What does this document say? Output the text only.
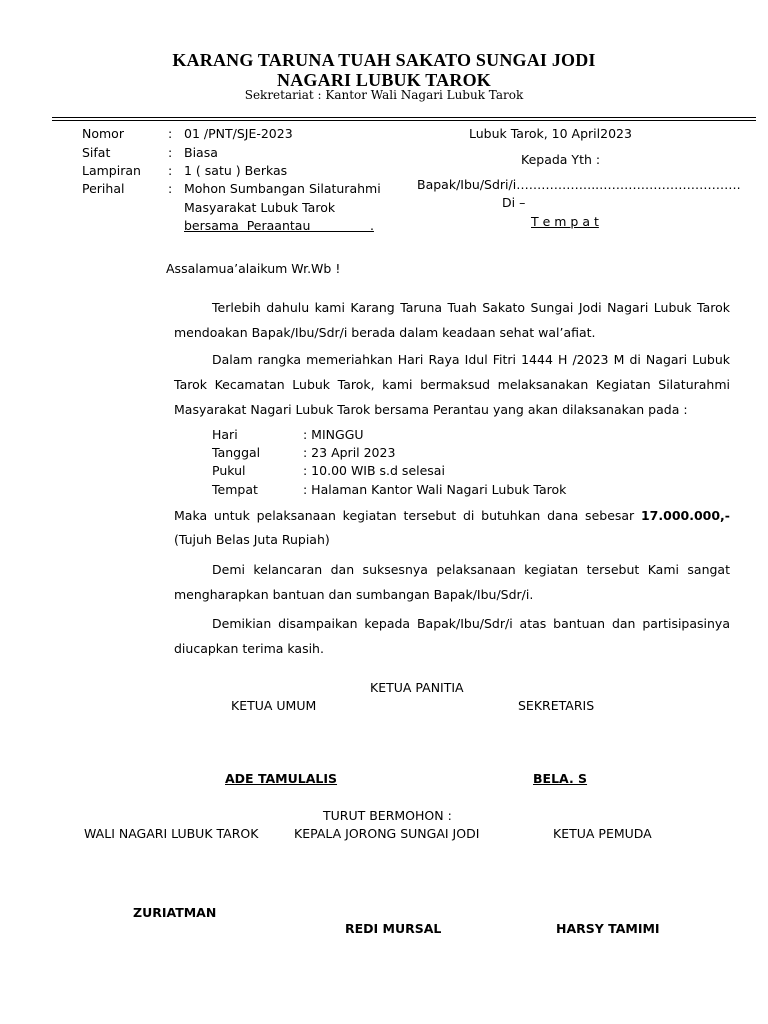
KARANG TARUNA TUAH SAKATO SUNGAI JODI
NAGARI LUBUK TAROK
Sekretariat : Kantor Wali Nagari Lubuk Tarok
Nomor	: 01 /PNT/SJE-2023
Sifat	: Biasa
Lampiran : 1 ( satu ) Berkas
Perihal	: Mohon Sumbangan Silaturahmi
Masyarakat Lubuk Tarok
bersama  Peraantau               .
Lubuk Tarok, 10 April2023
Kepada Yth :
Bapak/Ibu/Sdri/i………………..…………………………….
Di –
T e m p a t
Assalamua’alaikum Wr.Wb !
Terlebih dahulu kami Karang Taruna Tuah Sakato Sungai Jodi Nagari Lubuk Tarok mendoakan Bapak/Ibu/Sdr/i berada dalam keadaan sehat wal’afiat.
Dalam rangka memeriahkan Hari Raya Idul Fitri 1444 H /2023 M di Nagari Lubuk Tarok Kecamatan Lubuk Tarok, kami bermaksud melaksanakan Kegiatan Silaturahmi Masyarakat Nagari Lubuk Tarok bersama Perantau yang akan dilaksanakan pada :
Hari	: MINGGU
Tanggal	: 23 April 2023
Pukul	: 10.00 WIB s.d selesai
Tempat	: Halaman Kantor Wali Nagari Lubuk Tarok
Maka untuk pelaksanaan kegiatan tersebut di butuhkan dana sebesar 17.000.000,-
(Tujuh Belas Juta Rupiah)
Demi kelancaran dan suksesnya pelaksanaan kegiatan tersebut Kami sangat mengharapkan bantuan dan sumbangan Bapak/Ibu/Sdr/i.
Demikian disampaikan kepada Bapak/Ibu/Sdr/i atas bantuan dan partisipasinya diucapkan terima kasih.
KETUA PANITIA
KETUA UMUM	SEKRETARIS
ADE TAMULALIS	BELA. S
TURUT BERMOHON :
WALI NAGARI LUBUK TAROK	KEPALA JORONG SUNGAI JODI	KETUA PEMUDA
ZURIATMAN
REDI MURSAL	HARSY TAMIMI
